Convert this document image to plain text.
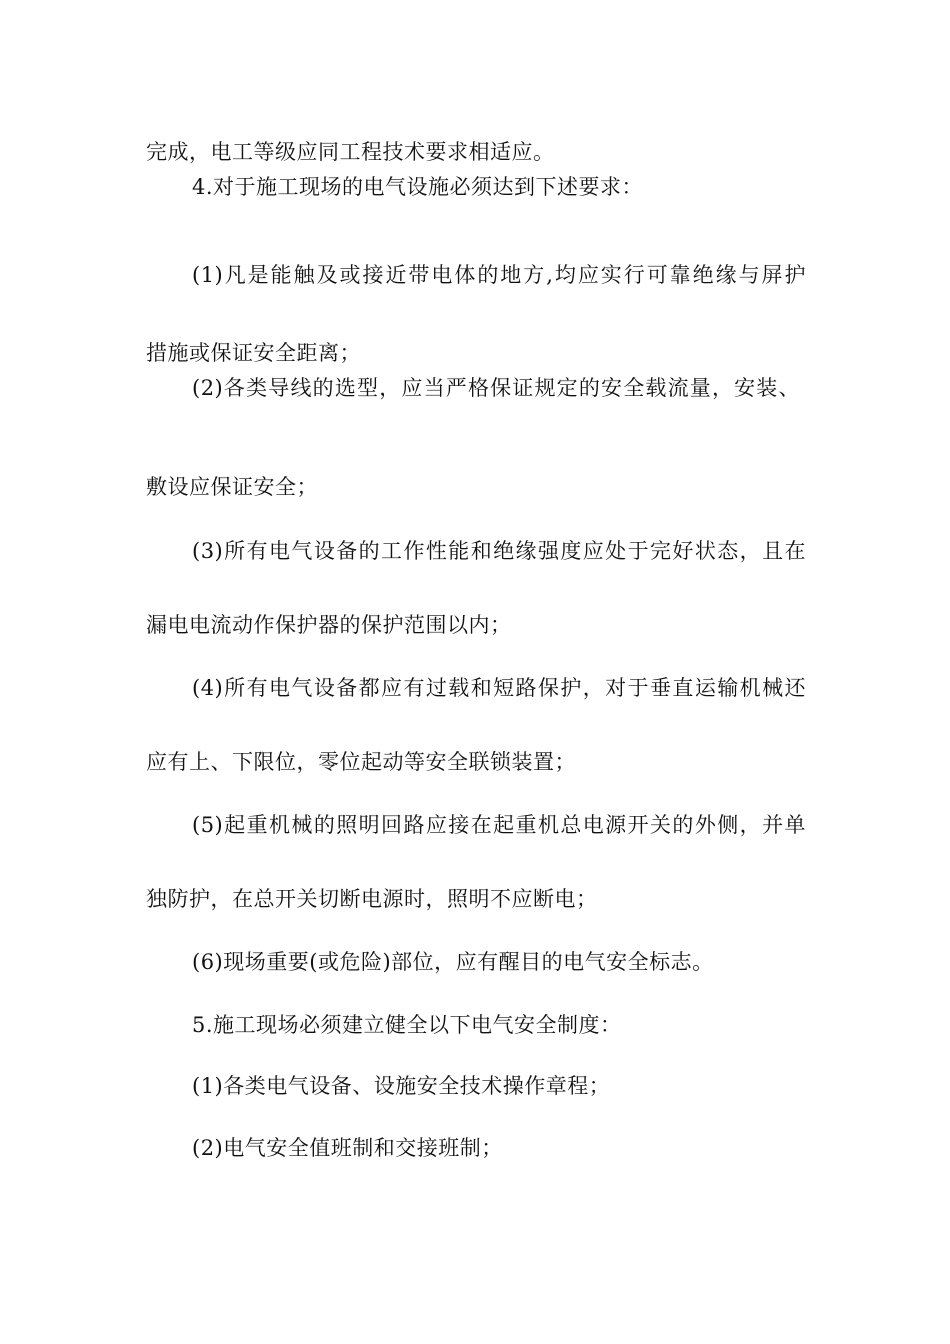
完成，电工等级应同工程技术要求相适应。
4.对于施工现场的电气设施必须达到下述要求：
(1)凡是能触及或接近带电体的地方,均应实行可靠绝缘与屏护
措施或保证安全距离；
(2)各类导线的选型，应当严格保证规定的安全载流量，安装、
敷设应保证安全；
(3)所有电气设备的工作性能和绝缘强度应处于完好状态，且在
漏电电流动作保护器的保护范围以内；
(4)所有电气设备都应有过载和短路保护，对于垂直运输机械还
应有上、下限位，零位起动等安全联锁装置；
(5)起重机械的照明回路应接在起重机总电源开关的外侧，并单
独防护，在总开关切断电源时，照明不应断电；
(6)现场重要(或危险)部位，应有醒目的电气安全标志。
5.施工现场必须建立健全以下电气安全制度：
(1)各类电气设备、设施安全技术操作章程；
(2)电气安全值班制和交接班制；
